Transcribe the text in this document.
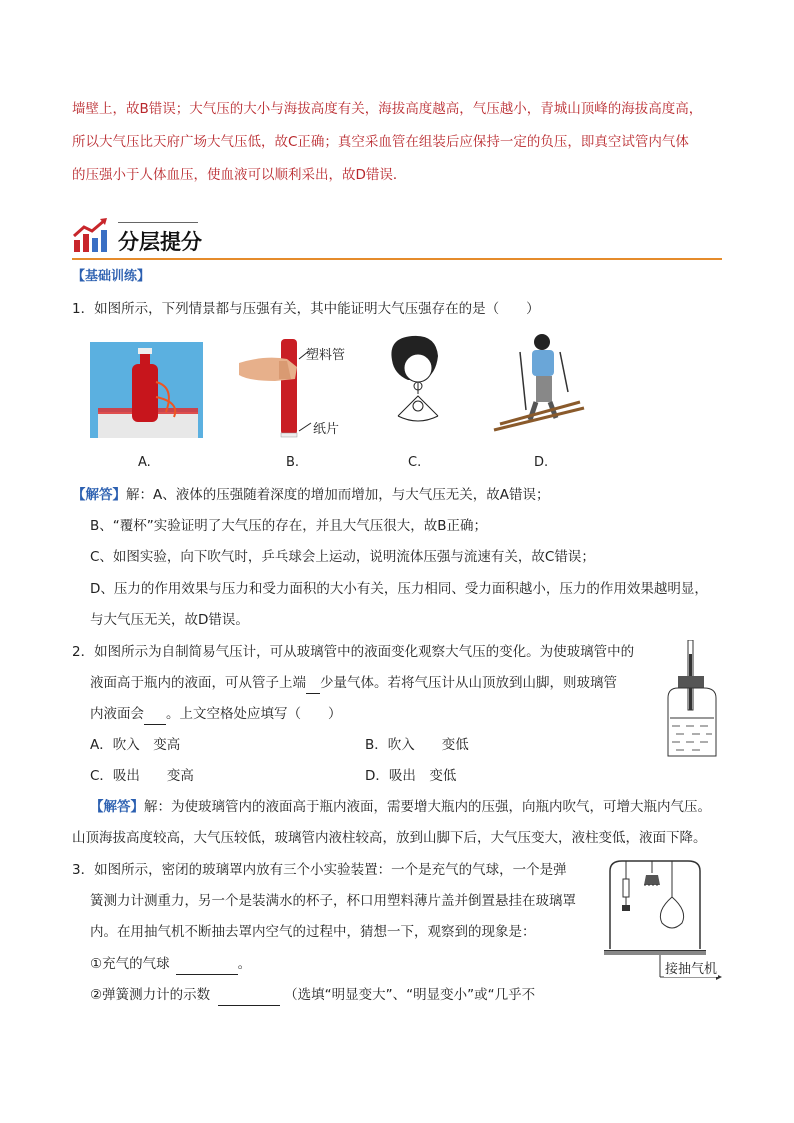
墙壁上，故B错误；大气压的大小与海拔高度有关，海拔高度越高，气压越小，青城山顶峰的海拔高度高，
所以大气压比天府广场大气压低，故C正确；真空采血管在组装后应保持一定的负压，即真空试管内气体
的压强小于人体血压，使血液可以顺利采出，故D错误．
分层提分
【基础训练】
1．如图所示，下列情景都与压强有关，其中能证明大气压强存在的是（　　）
塑料管
纸片
A.	B.	C.	D.
【解答】解：A、液体的压强随着深度的增加而增加，与大气压无关，故A错误；
B、“覆杯”实验证明了大气压的存在，并且大气压很大，故B正确；
C、如图实验，向下吹气时，乒乓球会上运动，说明流体压强与流速有关，故C错误；
D、压力的作用效果与压力和受力面积的大小有关，压力相同、受力面积越小，压力的作用效果越明显，
与大气压无关，故D错误。
2．如图所示为自制简易气压计，可从玻璃管中的液面变化观察大气压的变化。为使玻璃管中的
液面高于瓶内的液面，可从管子上端 少量气体。若将气压计从山顶放到山脚，则玻璃管
内液面会 。上文空格处应填写（　　）
A．吹入　变高	B．吹入　　变低
C．吸出　　变高	D．吸出　变低
【解答】解：为使玻璃管内的液面高于瓶内液面，需要增大瓶内的压强，向瓶内吹气，可增大瓶内气压。
山顶海拔高度较高，大气压较低，玻璃管内液柱较高，放到山脚下后，大气压变大，液柱变低，液面下降。
3．如图所示，密闭的玻璃罩内放有三个小实验装置：一个是充气的气球，一个是弹
簧测力计测重力，另一个是装满水的杯子，杯口用塑料薄片盖并倒置悬挂在玻璃罩
内。在用抽气机不断抽去罩内空气的过程中，猜想一下，观察到的现象是：
①充气的气球	。
②弹簧测力计的示数	（选填“明显变大”、“明显变小”或“几乎不
接抽气机
